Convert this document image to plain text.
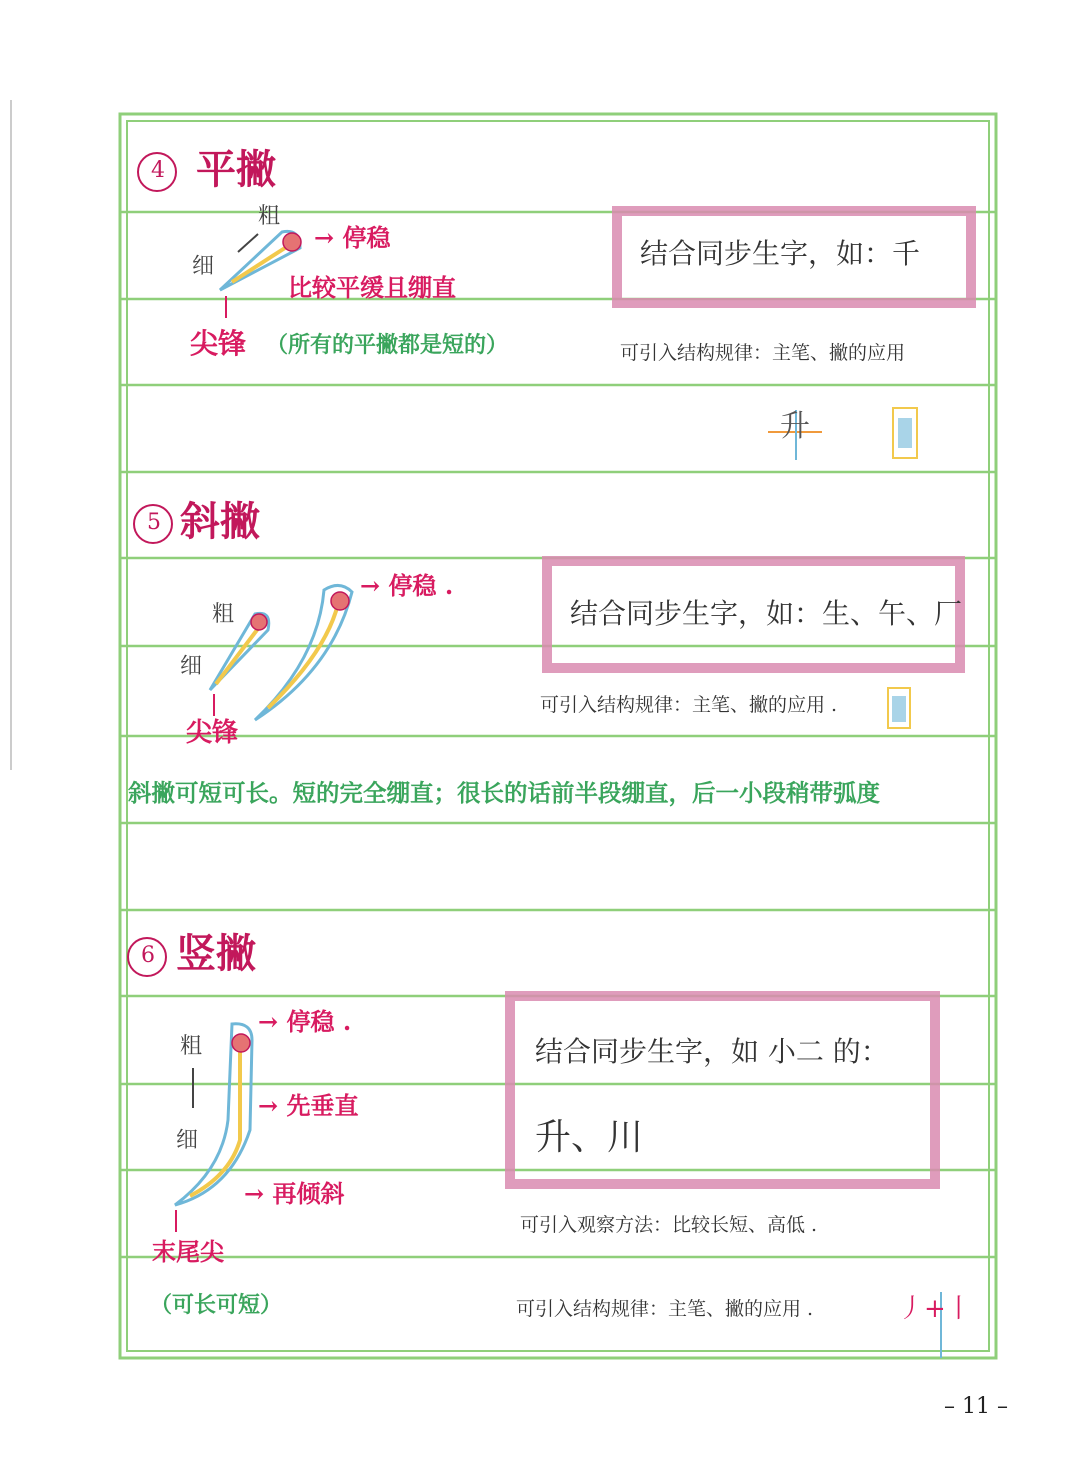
4 平撇
粗
细
→ 停稳
比较平缓且绷直
尖锋 （所有的平撇都是短的）
结合同步生字，如：千
可引入结构规律：主笔、撇的应用
升
5 斜撇
粗
细
→ 停稳 .
尖锋
结合同步生字，如：生、午、厂
可引入结构规律：主笔、撇的应用 .
斜撇可短可长。短的完全绷直；很长的话前半段绷直，后一小段稍带弧度
6 竖撇
粗
细
→ 停稳 .
→ 先垂直
→ 再倾斜
末尾尖
（可长可短）
结合同步生字，如 小二 的：
升、川
可引入观察方法：比较长短、高低 .
可引入结构规律：主笔、撇的应用 .	丿+丨
– 11 –
